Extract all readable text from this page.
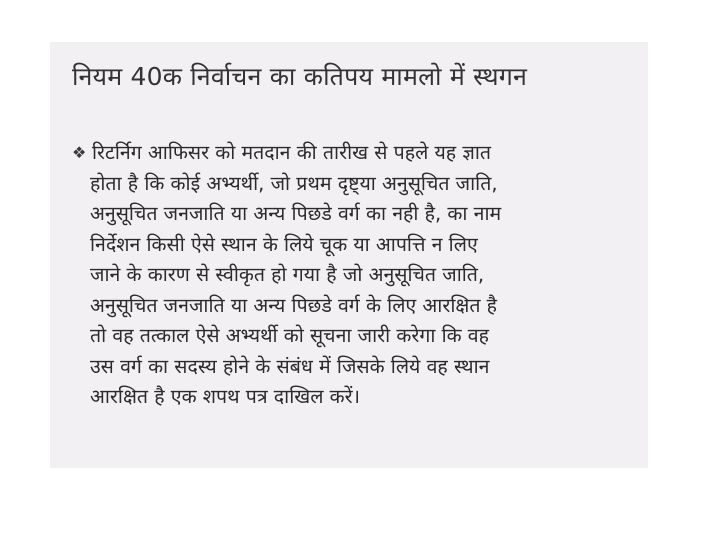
नियम 40क निर्वाचन का कतिपय मामलो में स्थगन
❖ रिटर्निग आफिसर को मतदान की तारीख से पहले यह ज्ञात
होता है कि कोई अभ्यर्थी, जो प्रथम दृष्ट्या अनुसूचित जाति,
अनुसूचित जनजाति या अन्य पिछडे वर्ग का नही है, का नाम
निर्देशन किसी ऐसे स्थान के लिये चूक या आपत्ति न लिए
जाने के कारण से स्वीकृत हो गया है जो अनुसूचित जाति,
अनुसूचित जनजाति या अन्य पिछडे वर्ग के लिए आरक्षित है
तो वह तत्काल ऐसे अभ्यर्थी को सूचना जारी करेगा कि वह
उस वर्ग का सदस्य होने के संबंध में जिसके लिये वह स्थान
आरक्षित है एक शपथ पत्र दाखिल करें।
